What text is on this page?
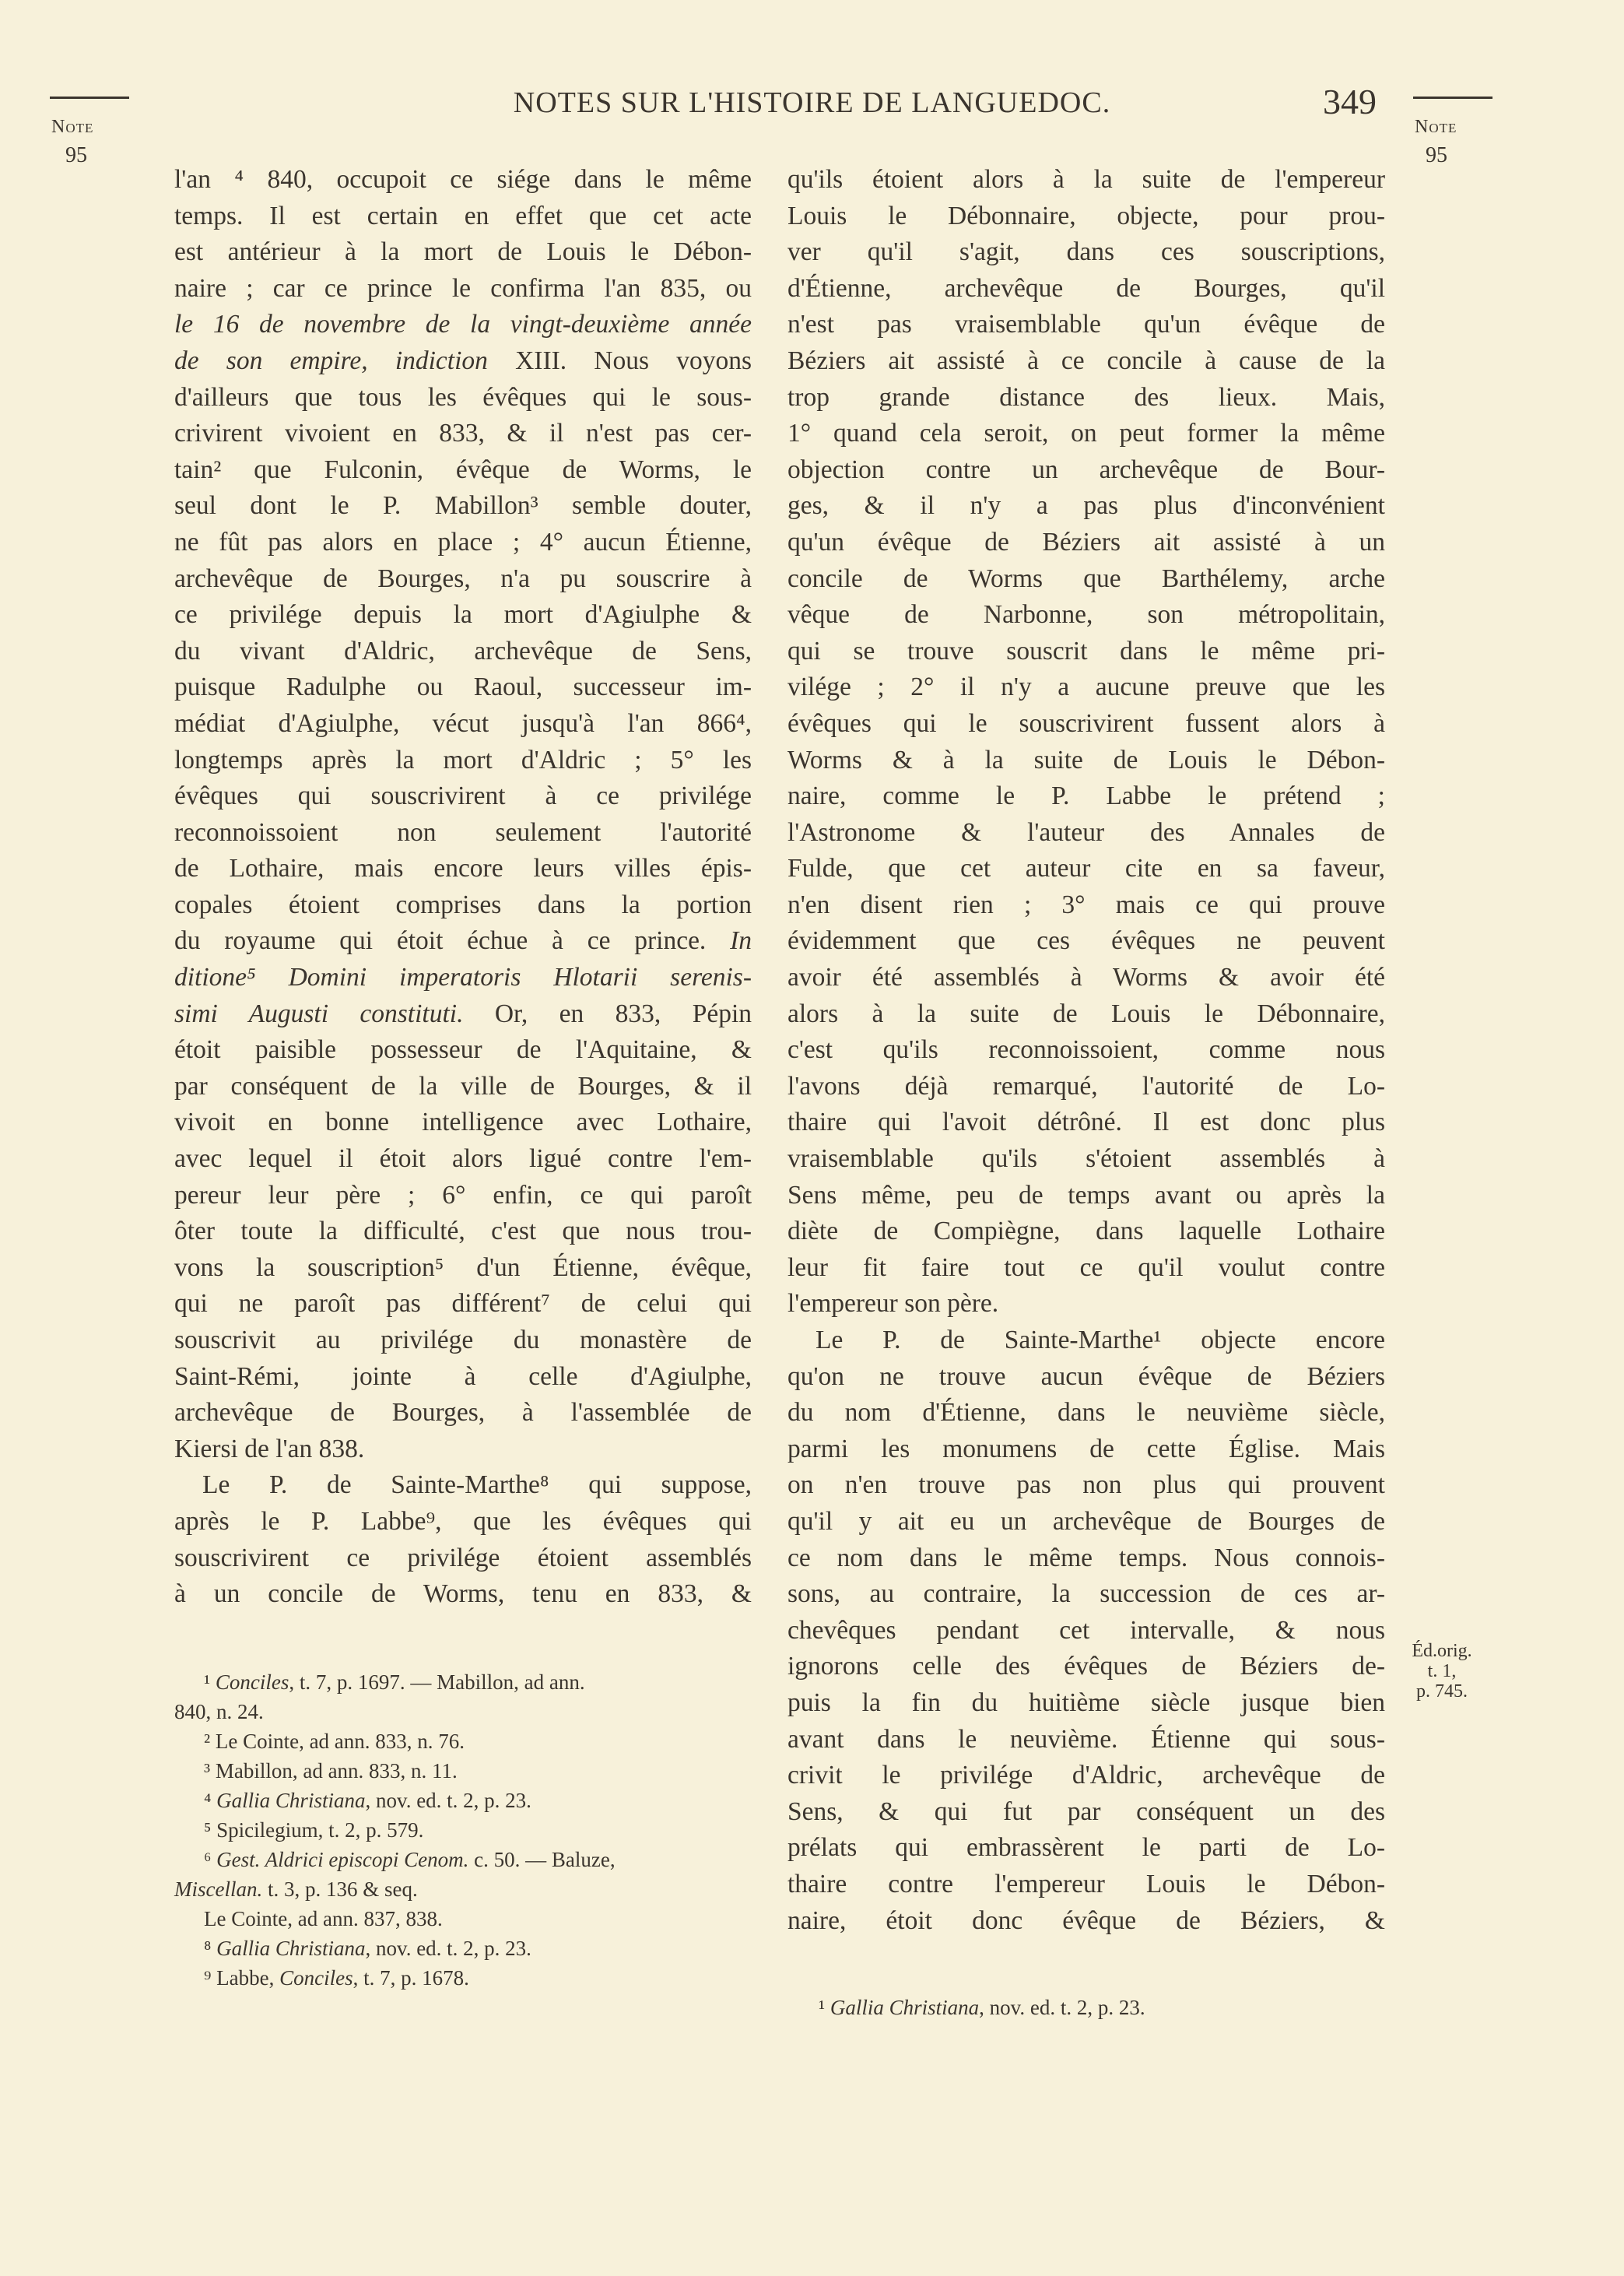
Note
95
Note
95
NOTES SUR L'HISTOIRE DE LANGUEDOC.	349
l'an ⁴ 840, occupoit ce siége dans le même
temps. Il est certain en effet que cet acte
est antérieur à la mort de Louis le Débon-
naire ; car ce prince le confirma l'an 835, ou
le 16 de novembre de la vingt-deuxième année
de son empire, indiction XIII. Nous voyons
d'ailleurs que tous les évêques qui le sous-
crivirent vivoient en 833, & il n'est pas cer-
tain² que Fulconin, évêque de Worms, le
seul dont le P. Mabillon³ semble douter,
ne fût pas alors en place ; 4° aucun Étienne,
archevêque de Bourges, n'a pu souscrire à
ce privilége depuis la mort d'Agiulphe &
du vivant d'Aldric, archevêque de Sens,
puisque Radulphe ou Raoul, successeur im-
médiat d'Agiulphe, vécut jusqu'à l'an 866⁴,
longtemps après la mort d'Aldric ; 5° les
évêques qui souscrivirent à ce privilége
reconnoissoient non seulement l'autorité
de Lothaire, mais encore leurs villes épis-
copales étoient comprises dans la portion
du royaume qui étoit échue à ce prince. In
ditione⁵ Domini imperatoris Hlotarii serenis-
simi Augusti constituti. Or, en 833, Pépin
étoit paisible possesseur de l'Aquitaine, &
par conséquent de la ville de Bourges, & il
vivoit en bonne intelligence avec Lothaire,
avec lequel il étoit alors ligué contre l'em-
pereur leur père ; 6° enfin, ce qui paroît
ôter toute la difficulté, c'est que nous trou-
vons la souscription⁵ d'un Étienne, évêque,
qui ne paroît pas différent⁷ de celui qui
souscrivit au privilége du monastère de
Saint-Rémi, jointe à celle d'Agiulphe,
archevêque de Bourges, à l'assemblée de
Kiersi de l'an 838.
Le P. de Sainte-Marthe⁸ qui suppose,
après le P. Labbe⁹, que les évêques qui
souscrivirent ce privilége étoient assemblés
à un concile de Worms, tenu en 833, &
qu'ils étoient alors à la suite de l'empereur
Louis le Débonnaire, objecte, pour prou-
ver qu'il s'agit, dans ces souscriptions,
d'Étienne, archevêque de Bourges, qu'il
n'est pas vraisemblable qu'un évêque de
Béziers ait assisté à ce concile à cause de la
trop grande distance des lieux. Mais,
1° quand cela seroit, on peut former la même
objection contre un archevêque de Bour-
ges, & il n'y a pas plus d'inconvénient
qu'un évêque de Béziers ait assisté à un
concile de Worms que Barthélemy, arche
vêque de Narbonne, son métropolitain,
qui se trouve souscrit dans le même pri-
vilége ; 2° il n'y a aucune preuve que les
évêques qui le souscrivirent fussent alors à
Worms & à la suite de Louis le Débon-
naire, comme le P. Labbe le prétend ;
l'Astronome & l'auteur des Annales de
Fulde, que cet auteur cite en sa faveur,
n'en disent rien ; 3° mais ce qui prouve
évidemment que ces évêques ne peuvent
avoir été assemblés à Worms & avoir été
alors à la suite de Louis le Débonnaire,
c'est qu'ils reconnoissoient, comme nous
l'avons déjà remarqué, l'autorité de Lo-
thaire qui l'avoit détrôné. Il est donc plus
vraisemblable qu'ils s'étoient assemblés à
Sens même, peu de temps avant ou après la
diète de Compiègne, dans laquelle Lothaire
leur fit faire tout ce qu'il voulut contre
l'empereur son père.
Le P. de Sainte-Marthe¹ objecte encore
qu'on ne trouve aucun évêque de Béziers
du nom d'Étienne, dans le neuvième siècle,
parmi les monumens de cette Église. Mais
on n'en trouve pas non plus qui prouvent
qu'il y ait eu un archevêque de Bourges de
ce nom dans le même temps. Nous connois-
sons, au contraire, la succession de ces ar-
chevêques pendant cet intervalle, & nous
ignorons celle des évêques de Béziers de-
puis la fin du huitième siècle jusque bien
avant dans le neuvième. Étienne qui sous-
crivit le privilége d'Aldric, archevêque de
Sens, & qui fut par conséquent un des
prélats qui embrassèrent le parti de Lo-
thaire contre l'empereur Louis le Débon-
naire, étoit donc évêque de Béziers, &
¹ Conciles, t. 7, p. 1697. — Mabillon, ad ann.
840, n. 24.
² Le Cointe, ad ann. 833, n. 76.
³ Mabillon, ad ann. 833, n. 11.
⁴ Gallia Christiana, nov. ed. t. 2, p. 23.
⁵ Spicilegium, t. 2, p. 579.
⁶ Gest. Aldrici episcopi Cenom. c. 50. — Baluze,
Miscellan. t. 3, p. 136 & seq.
Le Cointe, ad ann. 837, 838.
⁸ Gallia Christiana, nov. ed. t. 2, p. 23.
⁹ Labbe, Conciles, t. 7, p. 1678.
¹ Gallia Christiana, nov. ed. t. 2, p. 23.
Éd.orig.
t. 1,
p. 745.
